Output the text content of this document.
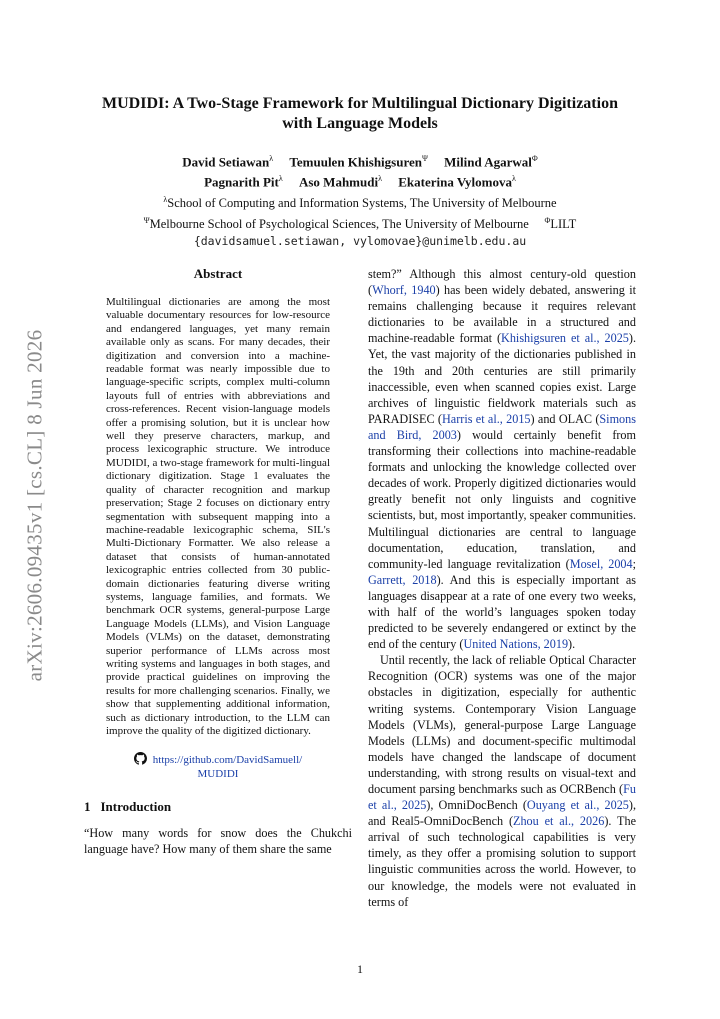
arXiv:2606.09435v1 [cs.CL] 8 Jun 2026
MUDIDI: A Two-Stage Framework for Multilingual Dictionary Digitization with Language Models
David Setiawan$^\lambda$ Temuulen Khishigsuren$^\Psi$ Milind Agarwal$^\Phi$
Pagnarith Pit$^\lambda$ Aso Mahmudi$^\lambda$ Ekaterina Vylomova$^\lambda$
$^\lambda$School of Computing and Information Systems, The University of Melbourne
$^\Psi$Melbourne School of Psychological Sciences, The University of Melbourne $^\Phi$LILT
{davidsamuel.setiawan, vylomovae}@unimelb.edu.au
Abstract

Multilingual dictionaries are among the most valuable documentary resources for low-resource and endangered languages, yet many remain available only as scans. For many decades, their digitization and conversion into a machine-readable format was nearly impossible due to language-specific scripts, complex multi-column layouts full of entries with abbreviations and cross-references. Recent vision-language models offer a promising solution, but it is unclear how well they preserve characters, markup, and process lexicographic structure. We introduce MUDIDI, a two-stage framework for multi-lingual dictionary digitization. Stage 1 evaluates the quality of character recognition and markup preservation; Stage 2 focuses on dictionary entry segmentation with subsequent mapping into a machine-readable lexicographic schema, SIL's Multi-Dictionary Formatter. We also release a dataset that consists of human-annotated lexicographic entries collected from 30 public-domain dictionaries featuring diverse writing systems, language families, and formats. We benchmark OCR systems, general-purpose Large Language Models (LLMs), and Vision Language Models (VLMs) on the dataset, demonstrating superior performance of LLMs across most writing systems and languages in both stages, and provide practical guidelines on improving the results for more challenging scenarios. Finally, we show that supplementing additional information, such as dictionary introduction, to the LLM can improve the quality of the digitized dictionary.

https://github.com/DavidSamuell/
MUDIDI
1 Introduction

“How many words for snow does the Chukchi language have? How many of them share the same

stem?” Although this almost century-old question (Whorf, 1940) has been widely debated, answering it remains challenging because it requires relevant dictionaries to be available in a structured and machine-readable format (Khishigsuren et al., 2025). Yet, the vast majority of the dictionaries published in the 19th and 20th centuries are still primarily inaccessible, even when scanned copies exist. Large archives of linguistic fieldwork materials such as PARADISEC (Harris et al., 2015) and OLAC (Simons and Bird, 2003) would certainly benefit from transforming their collections into machine-readable formats and unlocking the knowledge collected over decades of work. Properly digitized dictionaries would greatly benefit not only linguists and cognitive scientists, but, most importantly, speaker communities. Multilingual dictionaries are central to language documentation, education, translation, and community-led language revitalization (Mosel, 2004; Garrett, 2018). And this is especially important as languages disappear at a rate of one every two weeks, with half of the world’s languages spoken today predicted to be severely endangered or extinct by the end of the century (United Nations, 2019).

Until recently, the lack of reliable Optical Character Recognition (OCR) systems was one of the major obstacles in digitization, especially for authentic writing systems. Contemporary Vision Language Models (VLMs), general-purpose Large Language Models (LLMs) and document-specific multimodal models have changed the landscape of document understanding, with strong results on visual-text and document parsing benchmarks such as OCRBench (Fu et al., 2025), OmniDocBench (Ouyang et al., 2025), and Real5-OmniDocBench (Zhou et al., 2026). The arrival of such technological capabilities is very timely, as they offer a promising solution to support linguistic communities across the world. However, to our knowledge, the models were not evaluated in terms of

1
